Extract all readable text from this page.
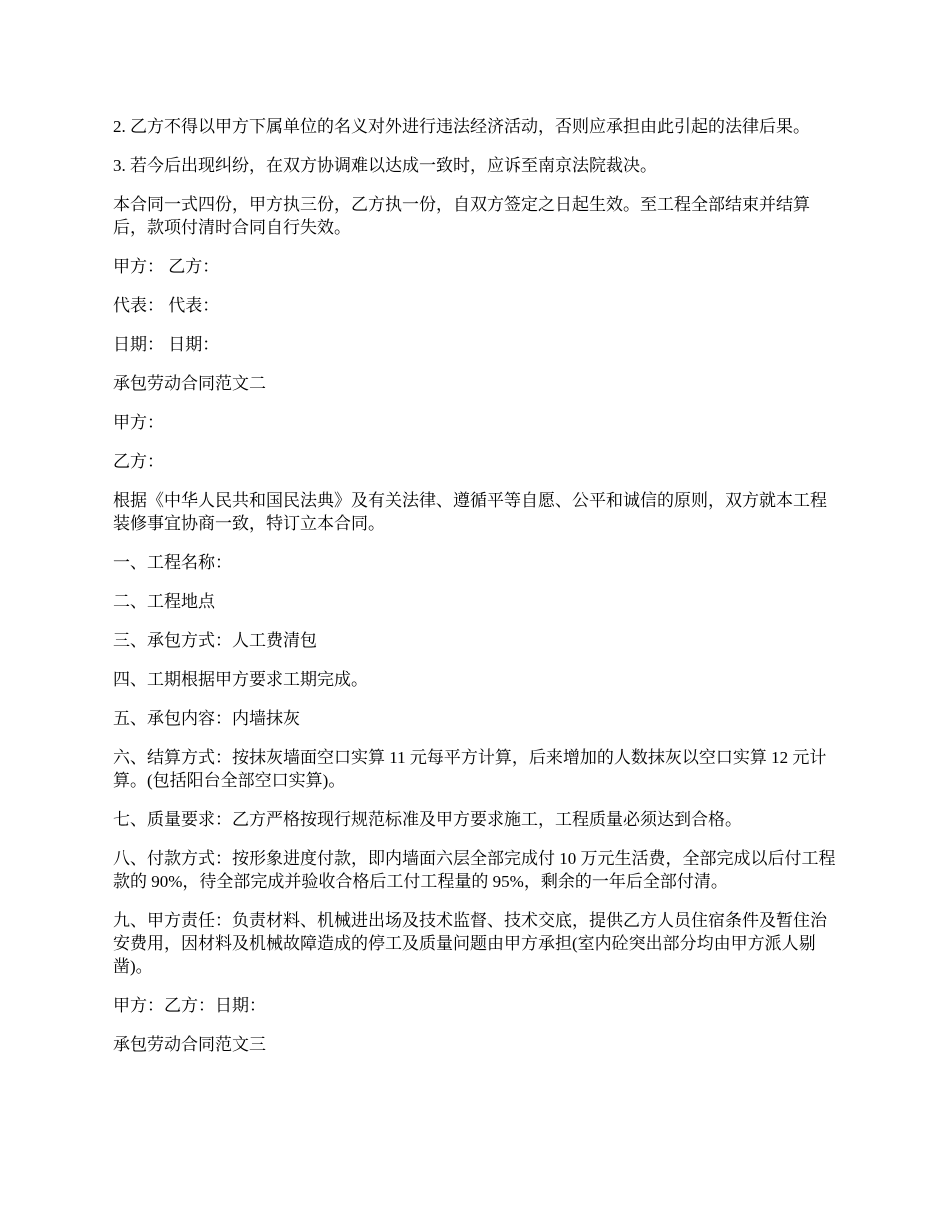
2. 乙方不得以甲方下属单位的名义对外进行违法经济活动，否则应承担由此引起的法律后果。

3. 若今后出现纠纷，在双方协调难以达成一致时，应诉至南京法院裁决。

本合同一式四份，甲方执三份，乙方执一份，自双方签定之日起生效。至工程全部结束并结算后，款项付清时合同自行失效。

甲方： 乙方：

代表： 代表：

日期： 日期：

承包劳动合同范文二

甲方：

乙方：

根据《中华人民共和国民法典》及有关法律、遵循平等自愿、公平和诚信的原则，双方就本工程装修事宜协商一致，特订立本合同。

一、工程名称：

二、工程地点

三、承包方式：人工费清包

四、工期根据甲方要求工期完成。

五、承包内容：内墙抹灰

六、结算方式：按抹灰墙面空口实算 11 元每平方计算，后来增加的人数抹灰以空口实算 12 元计算。(包括阳台全部空口实算)。

七、质量要求：乙方严格按现行规范标准及甲方要求施工，工程质量必须达到合格。

八、付款方式：按形象进度付款，即内墙面六层全部完成付 10 万元生活费，全部完成以后付工程款的 90%，待全部完成并验收合格后工付工程量的 95%，剩余的一年后全部付清。

九、甲方责任：负责材料、机械进出场及技术监督、技术交底，提供乙方人员住宿条件及暂住治安费用，因材料及机械故障造成的停工及质量问题由甲方承担(室内砼突出部分均由甲方派人剔凿)。

甲方：乙方：日期：

承包劳动合同范文三
